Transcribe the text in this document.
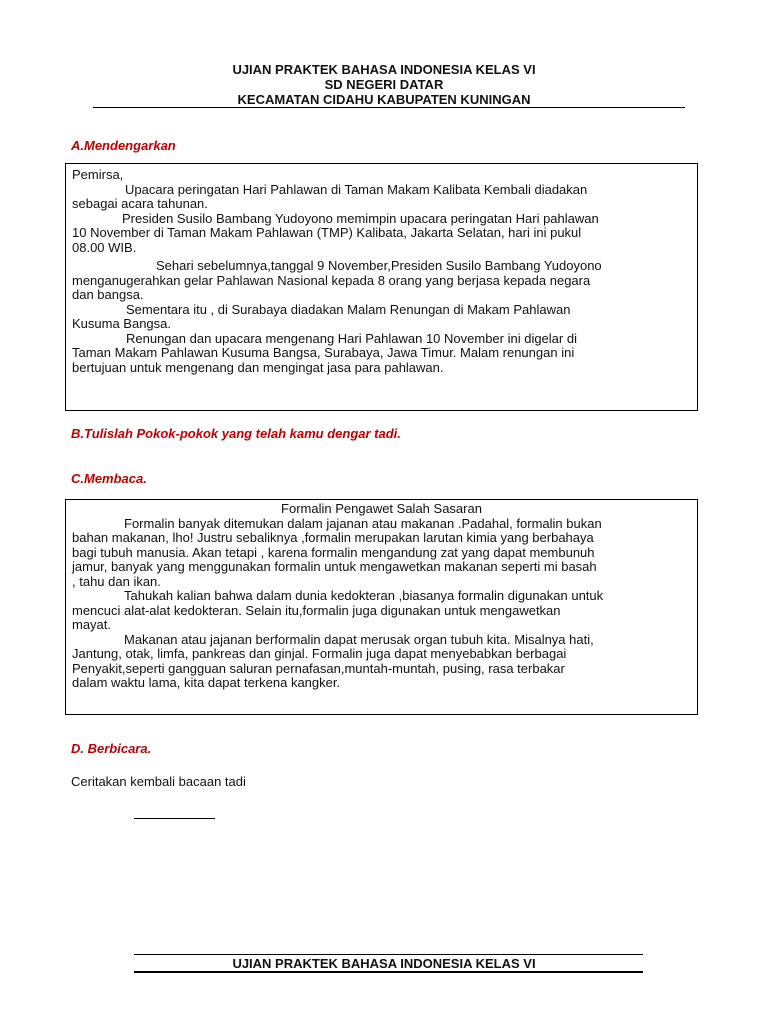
UJIAN PRAKTEK BAHASA INDONESIA KELAS VI
SD NEGERI DATAR
KECAMATAN CIDAHU KABUPATEN KUNINGAN
A.Mendengarkan
Pemirsa,
Upacara peringatan Hari Pahlawan di Taman Makam Kalibata Kembali diadakan
sebagai acara tahunan.
Presiden Susilo Bambang Yudoyono memimpin upacara peringatan Hari pahlawan
10 November di Taman Makam Pahlawan (TMP) Kalibata, Jakarta Selatan, hari ini pukul
08.00 WIB.
Sehari sebelumnya,tanggal 9 November,Presiden Susilo Bambang Yudoyono
menganugerahkan gelar Pahlawan Nasional kepada 8 orang yang berjasa kepada negara
dan bangsa.
Sementara itu , di Surabaya diadakan Malam Renungan di Makam Pahlawan
Kusuma Bangsa.
Renungan dan upacara mengenang Hari Pahlawan 10 November ini digelar di
Taman Makam Pahlawan Kusuma Bangsa, Surabaya, Jawa Timur. Malam renungan ini
bertujuan untuk mengenang dan mengingat jasa para pahlawan.
B.Tulislah Pokok-pokok yang telah kamu dengar tadi.
C.Membaca.
Formalin Pengawet Salah Sasaran
Formalin banyak ditemukan dalam jajanan atau makanan .Padahal, formalin bukan
bahan makanan, lho! Justru sebaliknya ,formalin merupakan larutan kimia yang berbahaya
bagi tubuh manusia. Akan tetapi , karena formalin mengandung zat yang dapat membunuh
jamur, banyak yang menggunakan formalin untuk mengawetkan makanan seperti mi basah
, tahu dan ikan.
Tahukah kalian bahwa dalam dunia kedokteran ,biasanya formalin digunakan untuk
mencuci alat-alat kedokteran. Selain itu,formalin juga digunakan untuk mengawetkan
mayat.
Makanan atau jajanan berformalin dapat merusak organ tubuh kita. Misalnya hati,
Jantung, otak, limfa, pankreas dan ginjal. Formalin juga dapat menyebabkan berbagai
Penyakit,seperti gangguan saluran pernafasan,muntah-muntah, pusing, rasa terbakar
dalam waktu lama, kita dapat terkena kangker.
D. Berbicara.
Ceritakan kembali bacaan tadi
UJIAN PRAKTEK BAHASA INDONESIA KELAS VI
